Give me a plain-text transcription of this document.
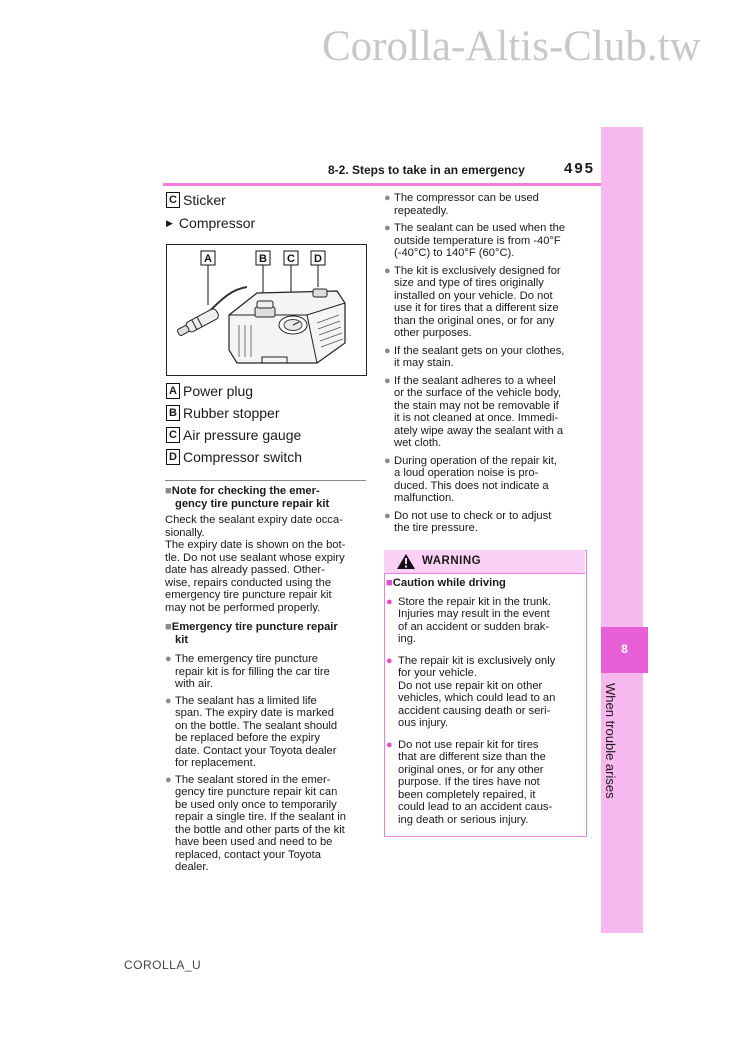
Corolla-Altis-Club.tw
8
When trouble arises
8-2. Steps to take in an emergency	495
C Sticker
▶ Compressor
A	B C D
A Power plug
B Rubber stopper
C Air pressure gauge
D Compressor switch
■Note for checking the emer-
gency tire puncture repair kit
Check the sealant expiry date occa-
sionally.
The expiry date is shown on the bot-
tle. Do not use sealant whose expiry
date has already passed. Other-
wise, repairs conducted using the
emergency tire puncture repair kit
may not be performed properly.
■Emergency tire puncture repair
kit
● The emergency tire puncture
repair kit is for filling the car tire
with air.
● The sealant has a limited life
span. The expiry date is marked
on the bottle. The sealant should
be replaced before the expiry
date. Contact your Toyota dealer
for replacement.
● The sealant stored in the emer-
gency tire puncture repair kit can
be used only once to temporarily
repair a single tire. If the sealant in
the bottle and other parts of the kit
have been used and need to be
replaced, contact your Toyota
dealer.
● The compressor can be used
repeatedly.
● The sealant can be used when the
outside temperature is from -40°F
(-40°C) to 140°F (60°C).
● The kit is exclusively designed for
size and type of tires originally
installed on your vehicle. Do not
use it for tires that a different size
than the original ones, or for any
other purposes.
● If the sealant gets on your clothes,
it may stain.
● If the sealant adheres to a wheel
or the surface of the vehicle body,
the stain may not be removable if
it is not cleaned at once. Immedi-
ately wipe away the sealant with a
wet cloth.
● During operation of the repair kit,
a loud operation noise is pro-
duced. This does not indicate a
malfunction.
● Do not use to check or to adjust
the tire pressure.
WARNING
■Caution while driving
● Store the repair kit in the trunk.
Injuries may result in the event
of an accident or sudden brak-
ing.
● The repair kit is exclusively only
for your vehicle.
Do not use repair kit on other
vehicles, which could lead to an
accident causing death or seri-
ous injury.
● Do not use repair kit for tires
that are different size than the
original ones, or for any other
purpose. If the tires have not
been completely repaired, it
could lead to an accident caus-
ing death or serious injury.
COROLLA_U
